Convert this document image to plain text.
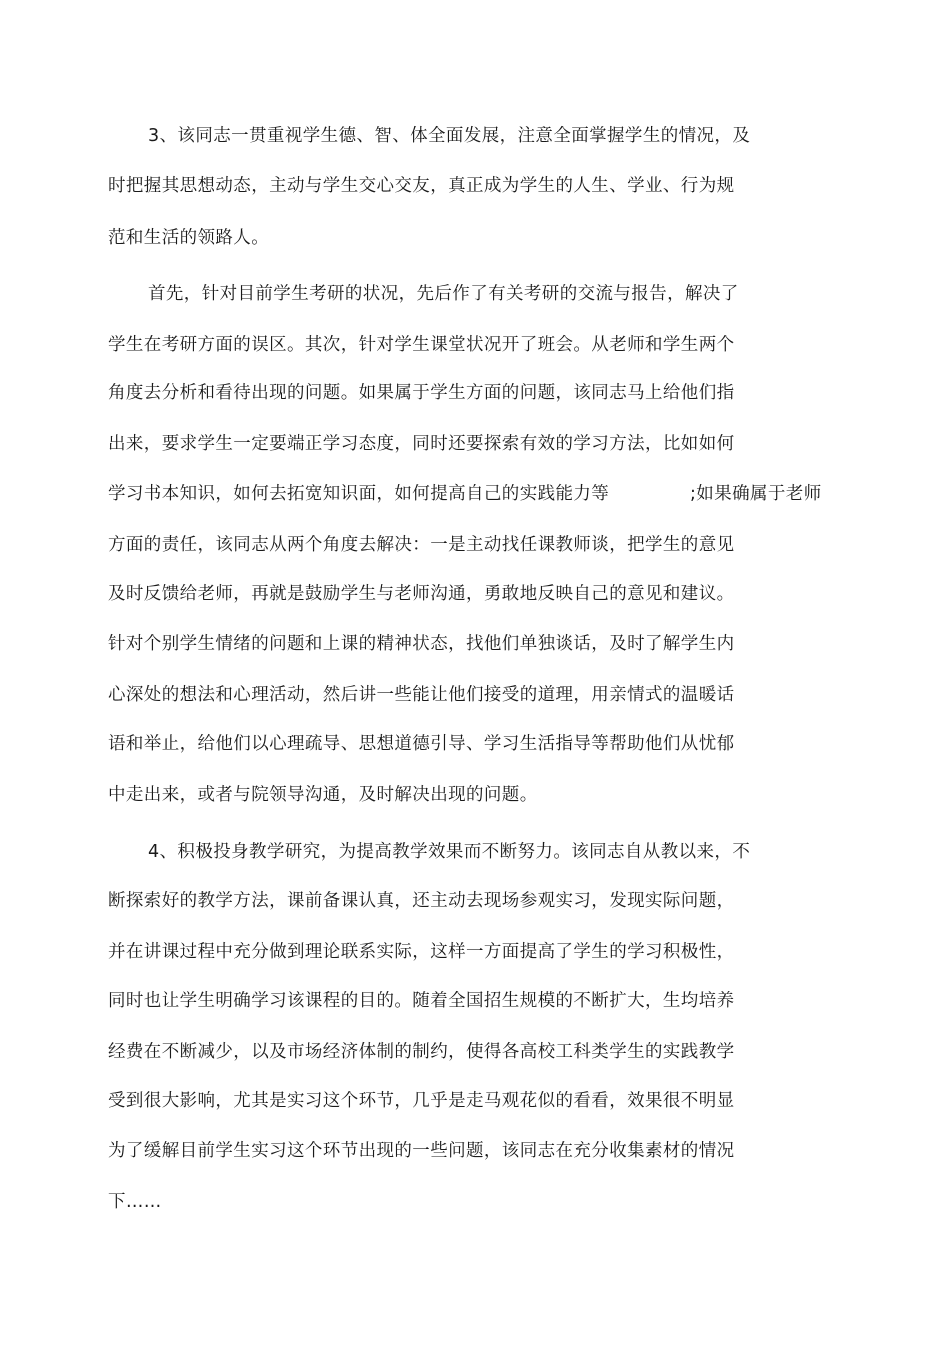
3、该同志一贯重视学生德、智、体全面发展，注意全面掌握学生的情况，及
时把握其思想动态，主动与学生交心交友，真正成为学生的人生、学业、行为规
范和生活的领路人。
首先，针对目前学生考研的状况，先后作了有关考研的交流与报告，解决了
学生在考研方面的误区。其次，针对学生课堂状况开了班会。从老师和学生两个
角度去分析和看待出现的问题。如果属于学生方面的问题，该同志马上给他们指
出来，要求学生一定要端正学习态度，同时还要探索有效的学习方法，比如如何
学习书本知识，如何去拓宽知识面，如何提高自己的实践能力等	;如果确属于老师
方面的责任，该同志从两个角度去解决：一是主动找任课教师谈，把学生的意见
及时反馈给老师，再就是鼓励学生与老师沟通，勇敢地反映自己的意见和建议。
针对个别学生情绪的问题和上课的精神状态，找他们单独谈话，及时了解学生内
心深处的想法和心理活动，然后讲一些能让他们接受的道理，用亲情式的温暖话
语和举止，给他们以心理疏导、思想道德引导、学习生活指导等帮助他们从忧郁
中走出来，或者与院领导沟通，及时解决出现的问题。
4、积极投身教学研究，为提高教学效果而不断努力。该同志自从教以来，不
断探索好的教学方法，课前备课认真，还主动去现场参观实习，发现实际问题，
并在讲课过程中充分做到理论联系实际，这样一方面提高了学生的学习积极性，
同时也让学生明确学习该课程的目的。随着全国招生规模的不断扩大，生均培养
经费在不断减少，以及市场经济体制的制约，使得各高校工科类学生的实践教学
受到很大影响，尤其是实习这个环节，几乎是走马观花似的看看，效果很不明显
为了缓解目前学生实习这个环节出现的一些问题，该同志在充分收集素材的情况
下……
